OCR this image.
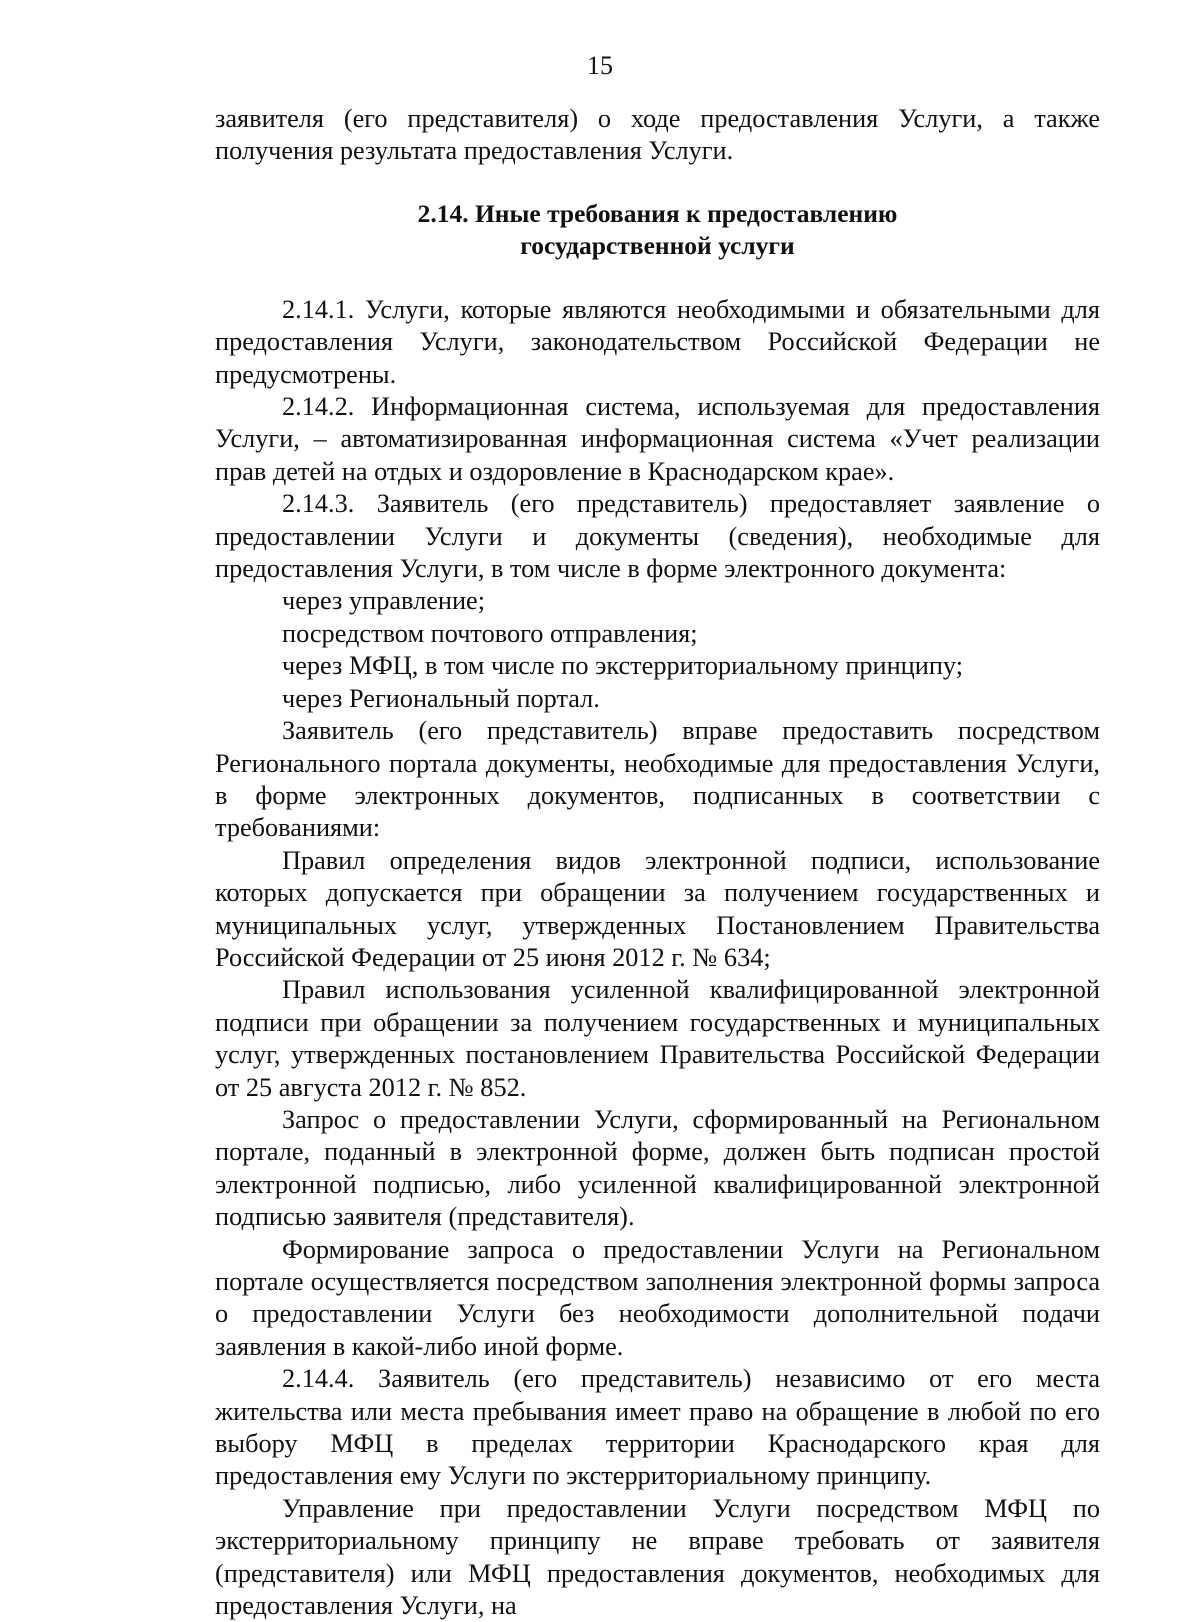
15

заявителя (его представителя) о ходе предоставления Услуги, а также получения результата предоставления Услуги.

2.14. Иные требования к предоставлению
государственной услуги

2.14.1. Услуги, которые являются необходимыми и обязательными для предоставления Услуги, законодательством Российской Федерации не предусмотрены.

2.14.2. Информационная система, используемая для предоставления Услуги, – автоматизированная информационная система «Учет реализации прав детей на отдых и оздоровление в Краснодарском крае».

2.14.3. Заявитель (его представитель) предоставляет заявление о предоставлении Услуги и документы (сведения), необходимые для предоставления Услуги, в том числе в форме электронного документа:

через управление;

посредством почтового отправления;

через МФЦ, в том числе по экстерриториальному принципу;

через Региональный портал.

Заявитель (его представитель) вправе предоставить посредством Регионального портала документы, необходимые для предоставления Услуги, в форме электронных документов, подписанных в соответствии с требованиями:

Правил определения видов электронной подписи, использование которых допускается при обращении за получением государственных и муниципальных услуг, утвержденных Постановлением Правительства Российской Федерации от 25 июня 2012 г. № 634;

Правил использования усиленной квалифицированной электронной подписи при обращении за получением государственных и муниципальных услуг, утвержденных постановлением Правительства Российской Федерации от 25 августа 2012 г. № 852.

Запрос о предоставлении Услуги, сформированный на Региональном портале, поданный в электронной форме, должен быть подписан простой электронной подписью, либо усиленной квалифицированной электронной подписью заявителя (представителя).

Формирование запроса о предоставлении Услуги на Региональном портале осуществляется посредством заполнения электронной формы запроса о предоставлении Услуги без необходимости дополнительной подачи заявления в какой-либо иной форме.

2.14.4. Заявитель (его представитель) независимо от его места жительства или места пребывания имеет право на обращение в любой по его выбору МФЦ в пределах территории Краснодарского края для предоставления ему Услуги по экстерриториальному принципу.

Управление при предоставлении Услуги посредством МФЦ по экстерриториальному принципу не вправе требовать от заявителя (представителя) или МФЦ предоставления документов, необходимых для предоставления Услуги, на
